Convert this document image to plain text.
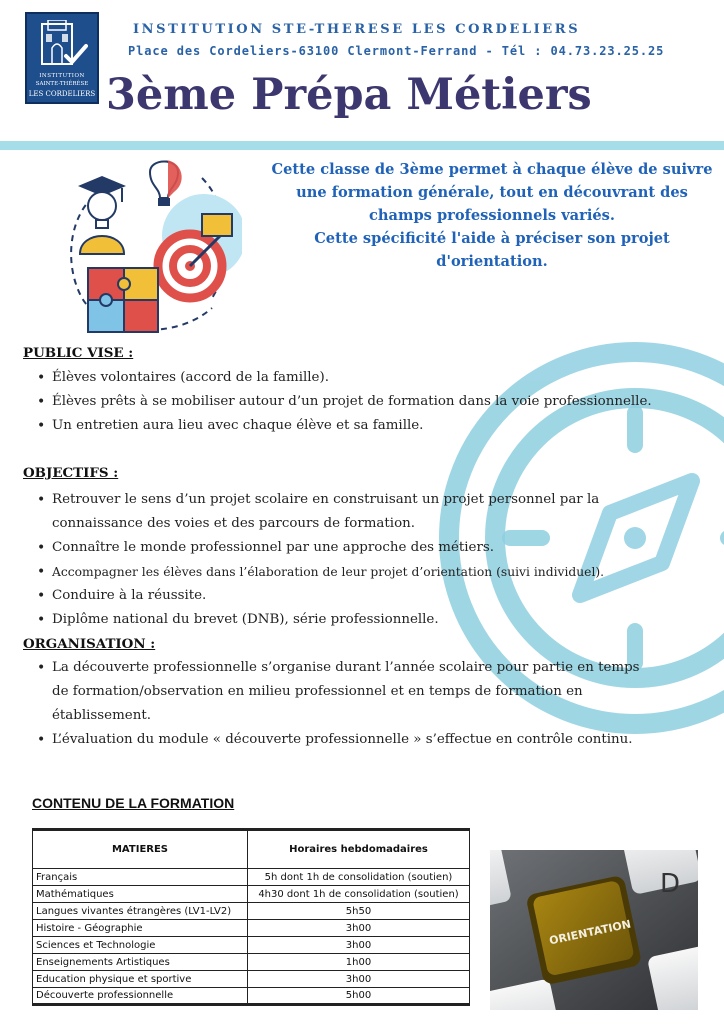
INSTITUTION
SAINTE-THÉRÈSE
LES CORDELIERS
INSTITUTION STE-THERESE LES CORDELIERS
Place des Cordeliers-63100 Clermont-Ferrand - Tél : 04.73.23.25.25
3ème Prépa Métiers
Cette classe de 3ème permet à chaque élève de suivre
une formation générale, tout en découvrant des
champs professionnels variés.
Cette spécificité l'aide à préciser son projet
d'orientation.
PUBLIC VISE :
• Élèves volontaires (accord de la famille).
• Élèves prêts à se mobiliser autour d’un projet de formation dans la voie professionnelle.
• Un entretien aura lieu avec chaque élève et sa famille.
OBJECTIFS :
• Retrouver le sens d’un projet scolaire en construisant un projet personnel par la
connaissance des voies et des parcours de formation.
• Connaître le monde professionnel par une approche des métiers.
• Accompagner les élèves dans l’élaboration de leur projet d’orientation (suivi individuel).
• Conduire à la réussite.
• Diplôme national du brevet (DNB), série professionnelle.
ORGANISATION :
• La découverte professionnelle s’organise durant l’année scolaire pour partie en temps
de formation/observation en milieu professionnel et en temps de formation en
établissement.
• L’évaluation du module « découverte professionnelle » s’effectue en contrôle continu.
CONTENU DE LA FORMATION
MATIERES	Horaires hebdomadaires
Français	5h dont 1h de consolidation (soutien)
Mathématiques	4h30 dont 1h de consolidation (soutien)
Langues vivantes étrangères (LV1-LV2)	5h50
Histoire - Géographie	3h00
Sciences et Technologie	3h00
Enseignements Artistiques	1h00
Education physique et sportive	3h00
Découverte professionnelle	5h00
D
ORIENTATION
